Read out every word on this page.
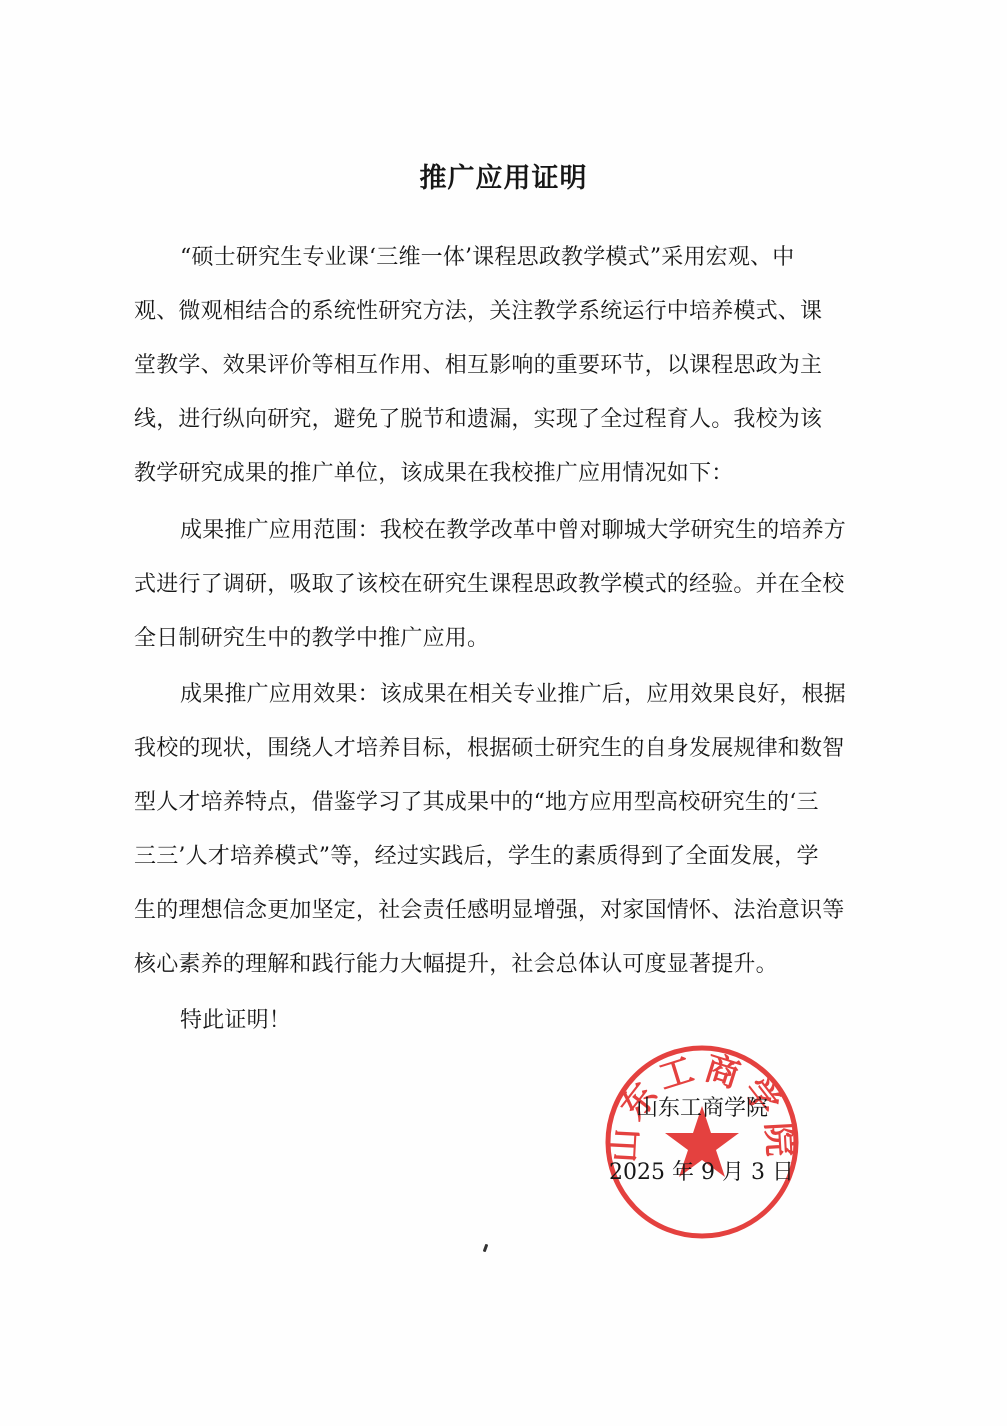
推广应用证明
“硕士研究生专业课‘三维一体’课程思政教学模式”采用宏观、中
观、微观相结合的系统性研究方法，关注教学系统运行中培养模式、课
堂教学、效果评价等相互作用、相互影响的重要环节，以课程思政为主
线，进行纵向研究，避免了脱节和遗漏，实现了全过程育人。我校为该
教学研究成果的推广单位，该成果在我校推广应用情况如下：
成果推广应用范围：我校在教学改革中曾对聊城大学研究生的培养方
式进行了调研，吸取了该校在研究生课程思政教学模式的经验。并在全校
全日制研究生中的教学中推广应用。
成果推广应用效果：该成果在相关专业推广后，应用效果良好，根据
我校的现状，围绕人才培养目标，根据硕士研究生的自身发展规律和数智
型人才培养特点，借鉴学习了其成果中的“地方应用型高校研究生的‘三
三三’人才培养模式”等，经过实践后，学生的素质得到了全面发展，学
生的理想信念更加坚定，社会责任感明显增强，对家国情怀、法治意识等
核心素养的理解和践行能力大幅提升，社会总体认可度显著提升。
特此证明！
山东工商学院
山东工商学院
2025 年 9 月 3 日
